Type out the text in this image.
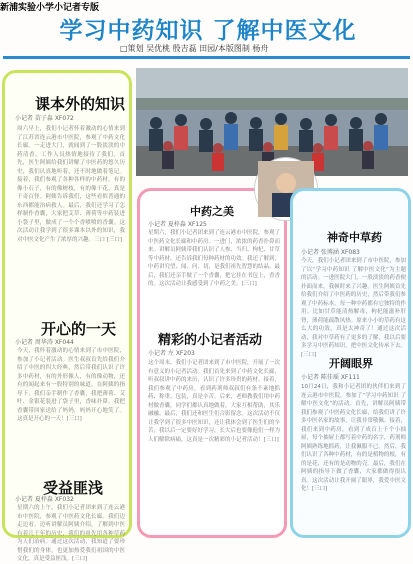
新浦实验小学小记者专版
学习中药知识 了解中医文化
□策划 吴优桃 殷吉磊 田园/本版图制 杨舟
课本外的知识
小记者 苗子淼 XF072
周六早上，我们小记者怀着激动的心情来到了江苏省连云港市中医院，参观了中药文化长廊。一走进大门，就闻到了一股淡淡的中药清香，工作人员热情地接待了我们。首先，医生阿姨给我们讲解了中医药的悠久历史，我们认真地听着，还不时地做着笔记。接着，我们参观了各种各样的中药材，有的像小石子，有的像树枝，有的像干花，真是千奇百怪。阿姨告诉我们，这些看似普通的东西都能治病救人。最后，我们还学习了怎样制作香囊，大家把艾草、薄荷等中药装进小袋子里，做成了一个个香喷喷的香囊。这次活动让我学到了很多课本以外的知识，我对中医文化产生了浓厚的兴趣。三口 [三口]
开心的一天
小记者 周华涛 XF044
今天，我怀着激动的心情来到了市中医院，参加了小记者活动。医生叔叔首先给我们介绍了中医的四大经典，然后带我们认识了许多中药材，有的外形像人，有的像动物，还有的闻起来有一股特别的味道。在阿姨的指导下，我们亲手制作了香囊，我把薄荷、艾叶、金银花装进了袋子里，香味扑鼻。我把香囊带回家送给了妈妈，妈妈开心地笑了。这真是开心的一天！[三口]
受益匪浅
小记者 夏梓淼 XF032
星期六的上午，我们小记者团来到了连云港市中医院，参观了中医药文化长廊。我们边走边看，边听讲解员阿姨介绍，了解到中医有着几千年的历史，我们的祖先用各种草药为人们治病。通过这次活动，我知道了要珍惜我们的身体，也更加热爱我们祖国的中医文化，真是受益匪浅。[三口]
中药之美
小记者 夏梓淼 XF125
星期六，我们小记者团来到了连云港市中医院，参观了中医药文化长廊和中药房。一进门，浓浓的药香扑鼻而来。讲解员阿姨带我们认识了人参、当归、枸杞、甘草等中药材，还告诉我们每种药材的功效。我还了解到，中药讲究望、闻、问、切，是我们祖先智慧的结晶。最后，我们还亲手做了一个香囊，把它挂在书包上，香香的。这次活动让我感受到了中药之美。[三口]
精彩的小记者活动
小记者 左 XF203
这个周末，我们小记者团来到了市中医院，开展了一次有意义的小记者活动。我们首先来到了中药文化长廊，听叔叔讲中药的来历，认识了许多珍贵的药材。接着，我们参观了中药房，看到药剂师叔叔们有条不紊地抓药、称重、包装，真是辛苦。后来，老师教我们用中药材做香囊，同学们都认真地做着，大家互相帮助，其乐融融。最后，我们还和医生们合影留念。这次活动不仅让我学到了很多中医知识，还让我体会到了医生们的辛苦，我以后一定要好好学习，长大后也要像他们一样为人们解除病痛。这真是一次精彩的小记者活动！[三口]
神奇中草药
小记者 张博涵 XF083
今天，我们小记者团来到了市中医院，参加了以“学习中药知识 了解中医文化”为主题的活动。一进医院大门，一股淡淡的药香便扑面而来，我顿时来了兴趣。医生阿姨首先给我们介绍了中医药的历史，然后带我们参观了中药标本，每一种中药都有它独特的作用。比如甘草能清热解毒，枸杞能滋补肝肾，薄荷能疏散风热。原来小小的草药有这么大的功效，真是太神奇了！通过这次活动，我对中草药有了更多的了解，我以后要多学习中医药知识，把中医文化传承下去。[三口]
开阔眼界
小记者 陈佳瑶 XF111
10月24日，我和小记者团的伙伴们来到了连云港市中医院，参加了“学习中药知识 了解中医文化”的活动。首先，讲解员阿姨带我们参观了中医药文化长廊，给我们讲了许多中医名家的故事，让我非常敬佩。接着，我们来到中药房，看到了成百上千个小抽屉，每个抽屉上都写着中药的名字，药剂师阿姨熟练地抓药，让我佩服不已。然后，我们认识了各种中药材，有的是植物的根，有的是花，还有的是动物的壳。最后，我们在阿姨的指导下做了香囊，大家都做得很认真。这次活动让我开阔了眼界，我爱中医文化！[三口]
